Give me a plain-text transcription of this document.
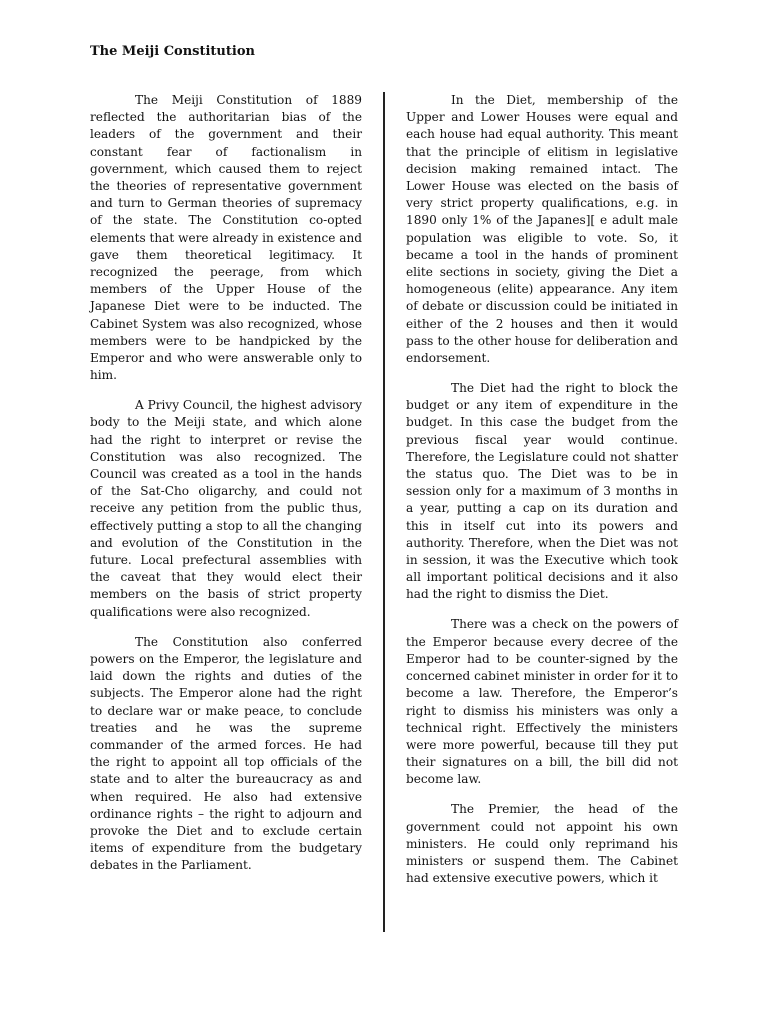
The Meiji Constitution

The Meiji Constitution of 1889 reflected the authoritarian bias of the leaders of the government and their constant fear of factionalism in government, which caused them to reject the theories of representative government and turn to German theories of supremacy of the state. The Constitution co-opted elements that were already in existence and gave them theoretical legitimacy. It recognized the peerage, from which members of the Upper House of the Japanese Diet were to be inducted. The Cabinet System was also recognized, whose members were to be handpicked by the Emperor and who were answerable only to him.

A Privy Council, the highest advisory body to the Meiji state, and which alone had the right to interpret or revise the Constitution was also recognized. The Council was created as a tool in the hands of the Sat-Cho oligarchy, and could not receive any petition from the public thus, effectively putting a stop to all the changing and evolution of the Constitution in the future. Local prefectural assemblies with the caveat that they would elect their members on the basis of strict property qualifications were also recognized.

The Constitution also conferred powers on the Emperor, the legislature and laid down the rights and duties of the subjects. The Emperor alone had the right to declare war or make peace, to conclude treaties and he was the supreme commander of the armed forces. He had the right to appoint all top officials of the state and to alter the bureaucracy as and when required. He also had extensive ordinance rights – the right to adjourn and provoke the Diet and to exclude certain items of expenditure from the budgetary debates in the Parliament.

In the Diet, membership of the Upper and Lower Houses were equal and each house had equal authority. This meant that the principle of elitism in legislative decision making remained intact. The Lower House was elected on the basis of very strict property qualifications, e.g. in 1890 only 1% of the Japanes][ e adult male population was eligible to vote. So, it became a tool in the hands of prominent elite sections in society, giving the Diet a homogeneous (elite) appearance. Any item of debate or discussion could be initiated in either of the 2 houses and then it would pass to the other house for deliberation and endorsement.

The Diet had the right to block the budget or any item of expenditure in the budget. In this case the budget from the previous fiscal year would continue. Therefore, the Legislature could not shatter the status quo. The Diet was to be in session only for a maximum of 3 months in a year, putting a cap on its duration and this in itself cut into its powers and authority. Therefore, when the Diet was not in session, it was the Executive which took all important political decisions and it also had the right to dismiss the Diet.

There was a check on the powers of the Emperor because every decree of the Emperor had to be counter-signed by the concerned cabinet minister in order for it to become a law. Therefore, the Emperor’s right to dismiss his ministers was only a technical right. Effectively the ministers were more powerful, because till they put their signatures on a bill, the bill did not become law.

The Premier, the head of the government could not appoint his own ministers. He could only reprimand his ministers or suspend them. The Cabinet had extensive executive powers, which it
